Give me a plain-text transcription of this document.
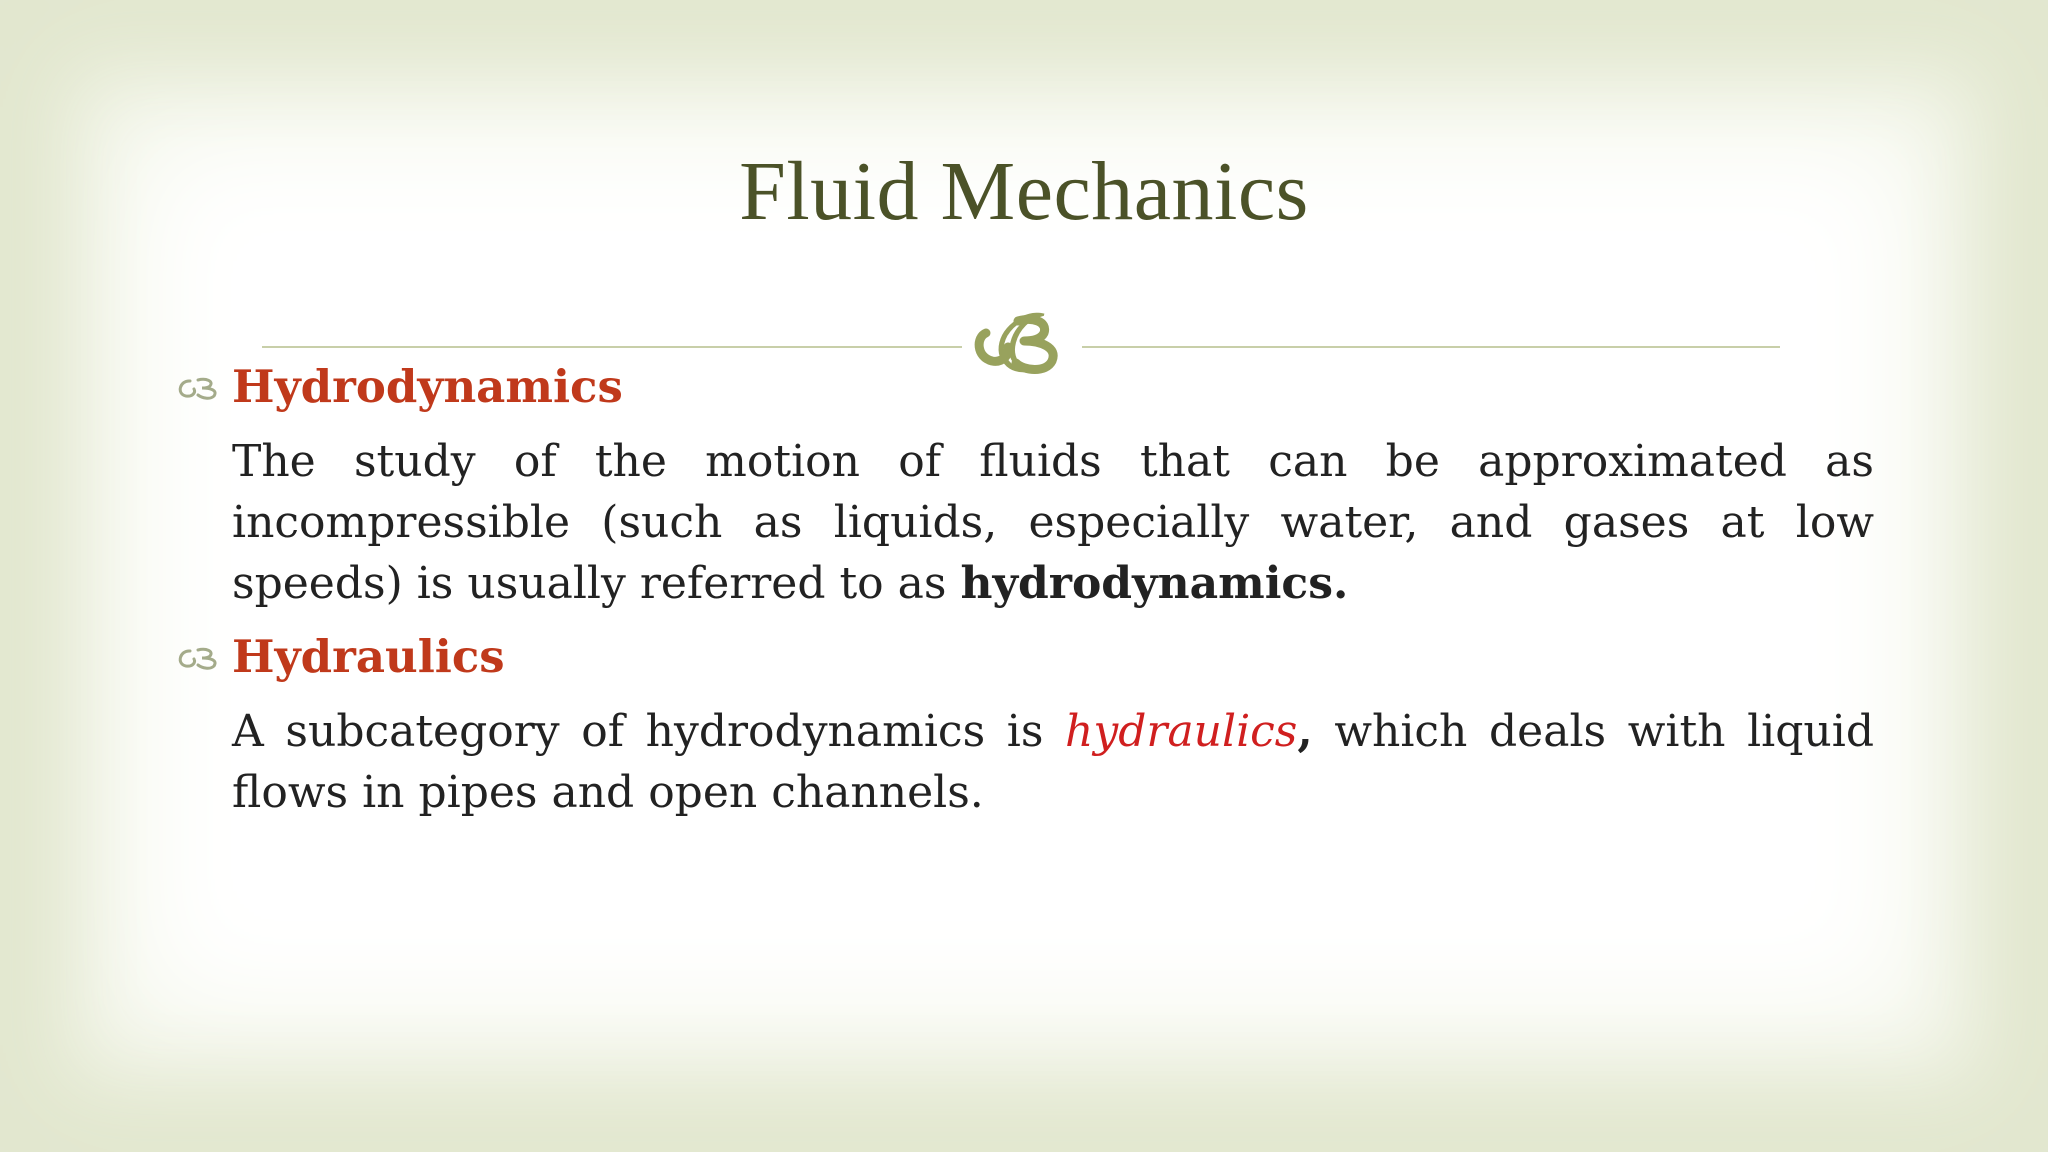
Fluid Mechanics
☾
Hydrodynamics
The study of the motion of fluids that can be approximated as incompressible (such as liquids, especially water, and gases at low speeds) is usually referred to as hydrodynamics.
Hydraulics
A subcategory of hydrodynamics is hydraulics, which deals with liquid flows in pipes and open channels.
